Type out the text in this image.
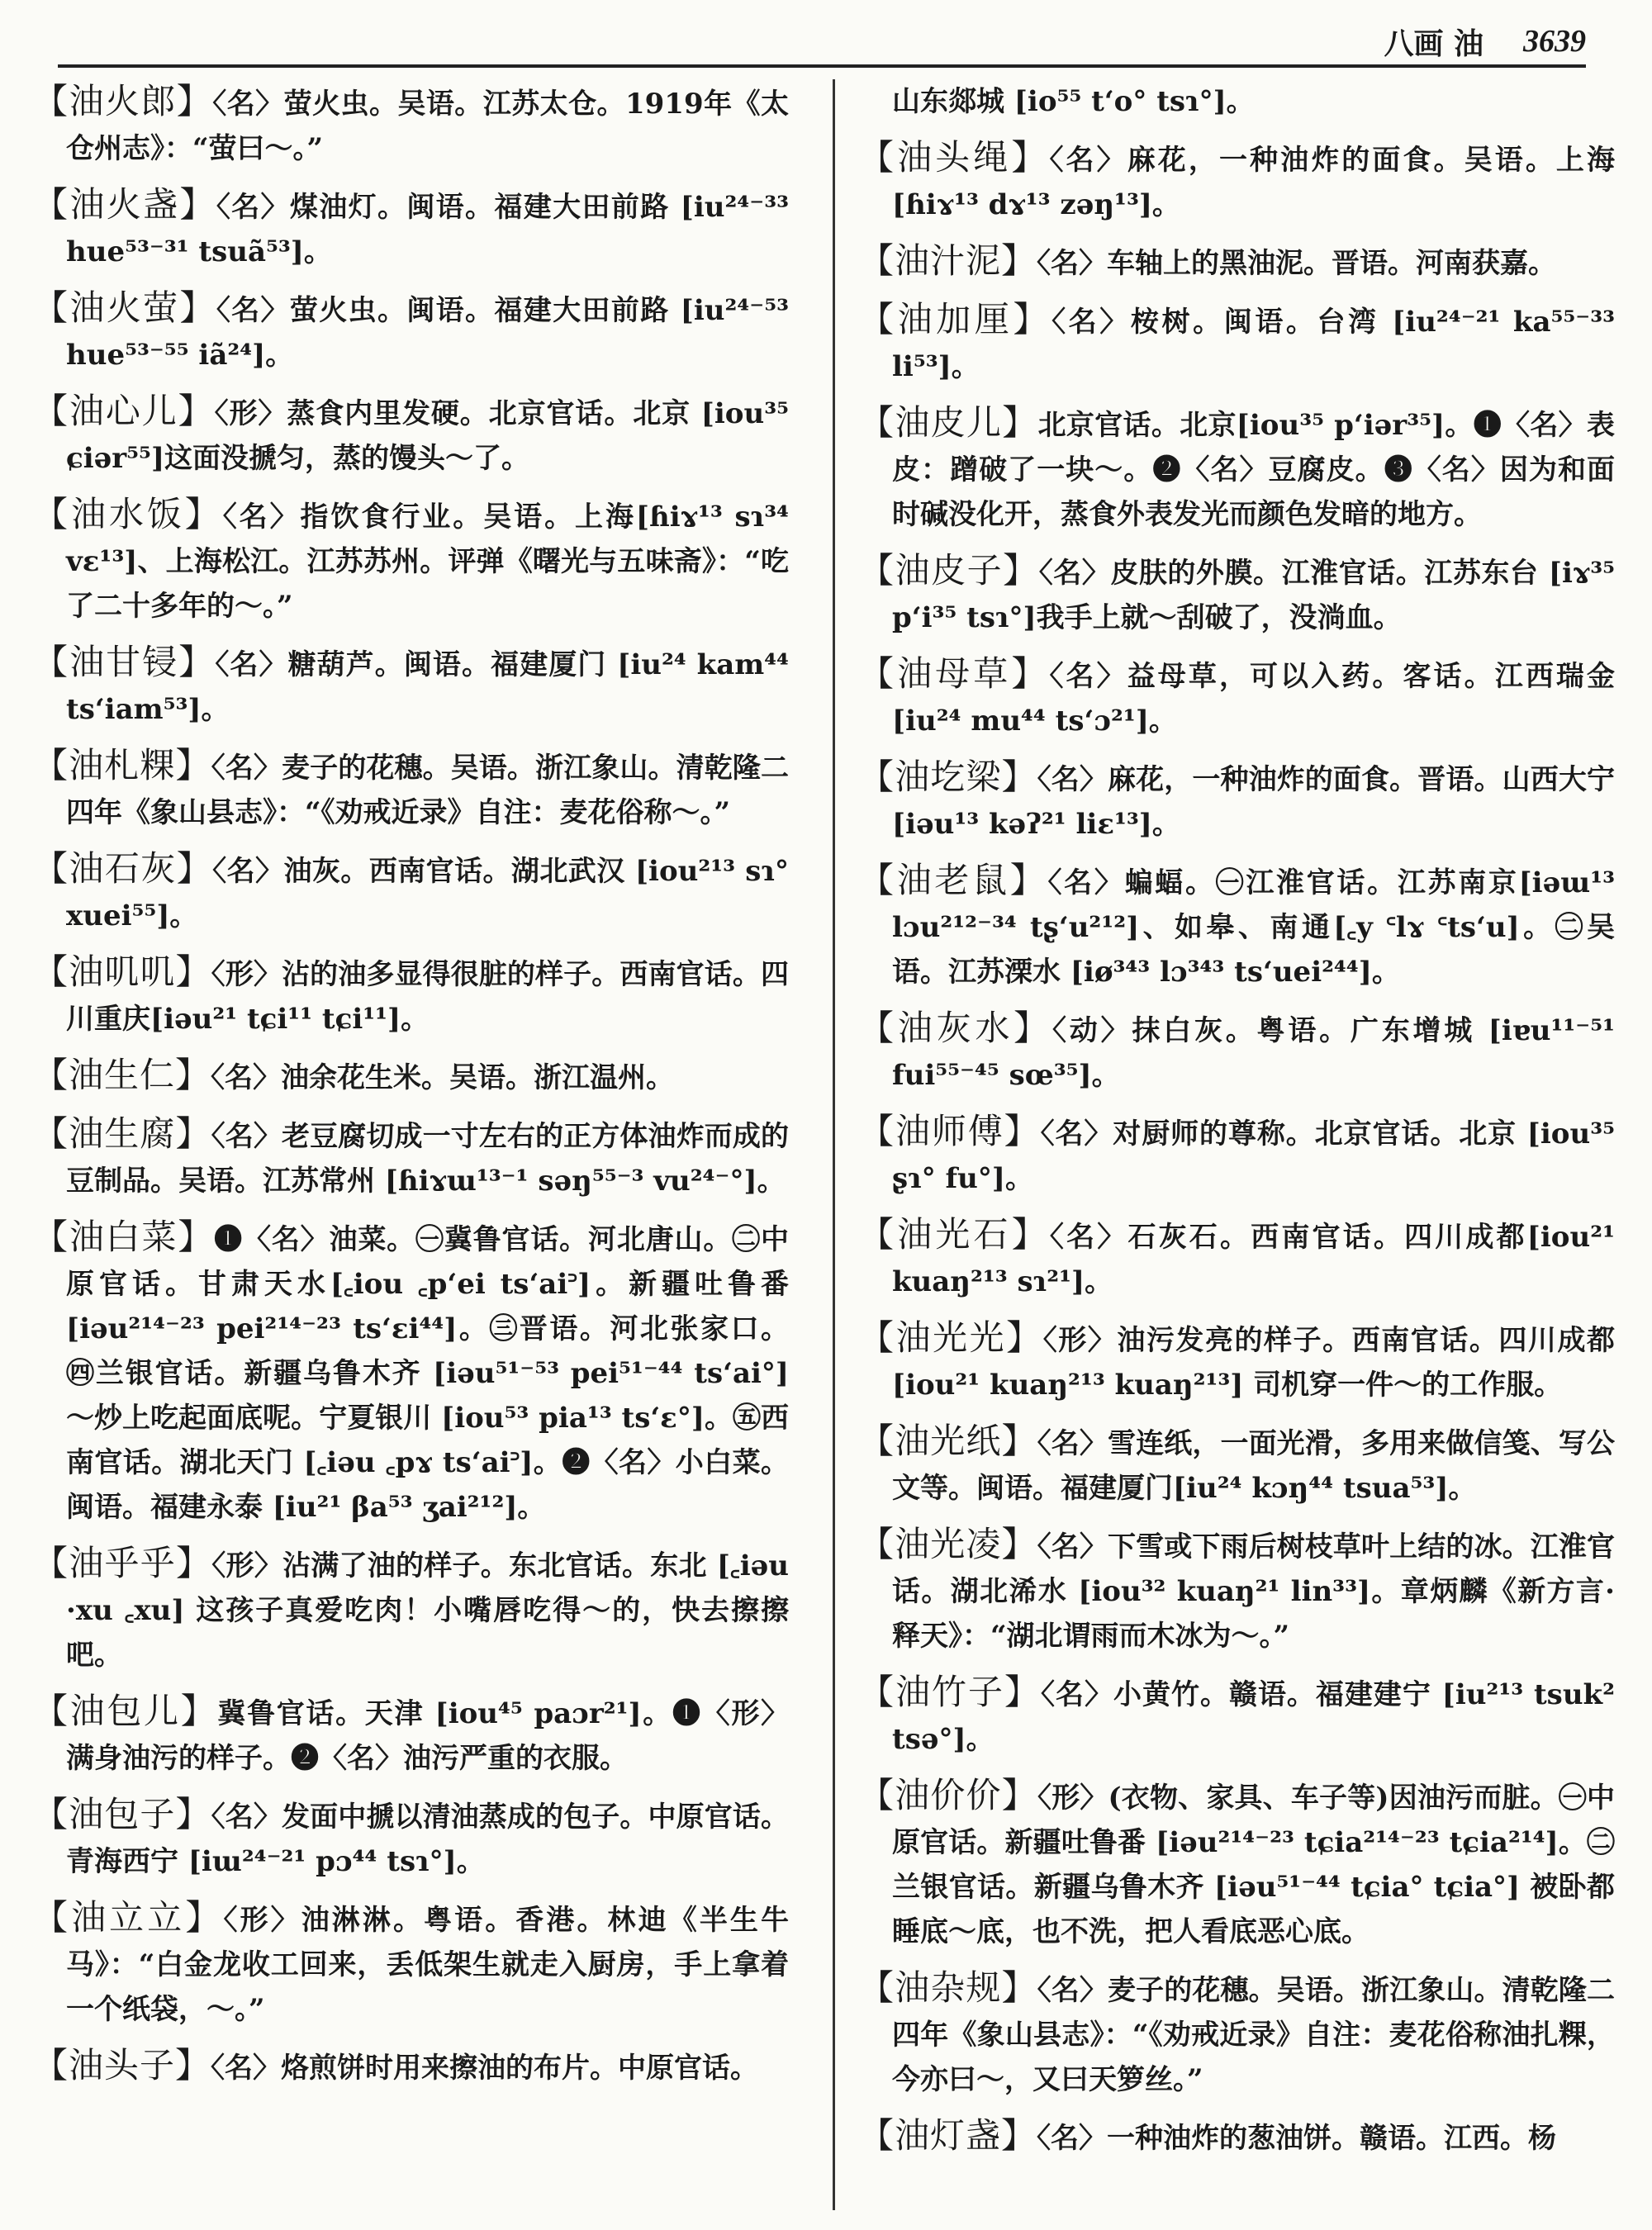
八画 油 3639

【油火郎】〈名〉萤火虫。吴语。江苏太仓。1919年《太仓州志》：“萤曰～。”

【油火盏】〈名〉煤油灯。闽语。福建大田前路 [iu²⁴⁻³³ hue⁵³⁻³¹ tsuã⁵³]。

【油火萤】〈名〉萤火虫。闽语。福建大田前路 [iu²⁴⁻⁵³ hue⁵³⁻⁵⁵ iã²⁴]。

【油心儿】〈形〉蒸食内里发硬。北京官话。北京 [iou³⁵ ɕiər⁵⁵]这面没搋匀，蒸的馒头～了。

【油水饭】〈名〉指饮食行业。吴语。上海[ɦiɤ¹³ sɿ³⁴ vɛ¹³]、上海松江。江苏苏州。评弹《曙光与五味斋》：“吃了二十多年的～。”

【油甘锓】〈名〉糖葫芦。闽语。福建厦门 [iu²⁴ kam⁴⁴ tsʻiam⁵³]。

【油札粿】〈名〉麦子的花穗。吴语。浙江象山。清乾隆二四年《象山县志》：“《劝戒近录》自注：麦花俗称～。”

【油石灰】〈名〉油灰。西南官话。湖北武汉 [iou²¹³ sɿ° xuei⁵⁵]。

【油叽叽】〈形〉沾的油多显得很脏的样子。西南官话。四川重庆[iəu²¹ tɕi¹¹ tɕi¹¹]。

【油生仁】〈名〉油余花生米。吴语。浙江温州。

【油生腐】〈名〉老豆腐切成一寸左右的正方体油炸而成的豆制品。吴语。江苏常州 [ɦiɤɯ¹³⁻¹ səŋ⁵⁵⁻³ vu²⁴⁻°]。

【油白菜】❶〈名〉油菜。㊀冀鲁官话。河北唐山。㊁中原官话。甘肃天水[꜀iou ꜀pʻei tsʻai꜄]。新疆吐鲁番 [iəu²¹⁴⁻²³ pei²¹⁴⁻²³ tsʻɛi⁴⁴]。㊂晋语。河北张家口。㊃兰银官话。新疆乌鲁木齐 [iəu⁵¹⁻⁵³ pei⁵¹⁻⁴⁴ tsʻai°] ～炒上吃起面底呢。宁夏银川 [iou⁵³ pia¹³ tsʻɛ°]。㊄西南官话。湖北天门 [꜀iəu ꜀pɤ tsʻai꜄]。❷〈名〉小白菜。闽语。福建永泰 [iu²¹ βa⁵³ ʒai²¹²]。

【油乎乎】〈形〉沾满了油的样子。东北官话。东北 [꜀iəu ·xu ꜀xu] 这孩子真爱吃肉！小嘴唇吃得～的，快去擦擦吧。

【油包儿】冀鲁官话。天津 [iou⁴⁵ paɔr²¹]。❶〈形〉满身油污的样子。❷〈名〉油污严重的衣服。

【油包子】〈名〉发面中搋以清油蒸成的包子。中原官话。青海西宁 [iɯ²⁴⁻²¹ pɔ⁴⁴ tsɿ°]。

【油立立】〈形〉油淋淋。粤语。香港。林迪《半生牛马》：“白金龙收工回来，丢低架生就走入厨房，手上拿着一个纸袋，～。”

【油头子】〈名〉烙煎饼时用来擦油的布片。中原官话。

山东郯城 [io⁵⁵ tʻo° tsɿ°]。

【油头绳】〈名〉麻花，一种油炸的面食。吴语。上海 [ɦiɤ¹³ dɤ¹³ zəŋ¹³]。

【油汁泥】〈名〉车轴上的黑油泥。晋语。河南获嘉。

【油加厘】〈名〉桉树。闽语。台湾 [iu²⁴⁻²¹ ka⁵⁵⁻³³ li⁵³]。

【油皮儿】北京官话。北京[iou³⁵ pʻiər³⁵]。❶〈名〉表皮：蹭破了一块～。❷〈名〉豆腐皮。❸〈名〉因为和面时碱没化开，蒸食外表发光而颜色发暗的地方。

【油皮子】〈名〉皮肤的外膜。江淮官话。江苏东台 [iɤ³⁵ pʻi³⁵ tsɿ°]我手上就～刮破了，没淌血。

【油母草】〈名〉益母草，可以入药。客话。江西瑞金 [iu²⁴ mu⁴⁴ tsʻɔ²¹]。

【油圪梁】〈名〉麻花，一种油炸的面食。晋语。山西大宁 [iəu¹³ kəʔ²¹ liɛ¹³]。

【油老鼠】〈名〉蝙蝠。㊀江淮官话。江苏南京[iəɯ¹³ lɔu²¹²⁻³⁴ tʂʻu²¹²]、如皋、南通[꜀y ꜂lɤ ꜂tsʻu]。㊁吴语。江苏溧水 [iø³⁴³ lɔ³⁴³ tsʻuei²⁴⁴]。

【油灰水】〈动〉抹白灰。粤语。广东增城 [iɐu¹¹⁻⁵¹ fui⁵⁵⁻⁴⁵ sœ³⁵]。

【油师傅】〈名〉对厨师的尊称。北京官话。北京 [iou³⁵ ʂɿ° fu°]。

【油光石】〈名〉石灰石。西南官话。四川成都[iou²¹ kuaŋ²¹³ sɿ²¹]。

【油光光】〈形〉油污发亮的样子。西南官话。四川成都 [iou²¹ kuaŋ²¹³ kuaŋ²¹³] 司机穿一件～的工作服。

【油光纸】〈名〉雪连纸，一面光滑，多用来做信笺、写公文等。闽语。福建厦门[iu²⁴ kɔŋ⁴⁴ tsua⁵³]。

【油光凌】〈名〉下雪或下雨后树枝草叶上结的冰。江淮官话。湖北浠水 [iou³² kuaŋ²¹ lin³³]。章炳麟《新方言·释天》：“湖北谓雨而木冰为～。”

【油竹子】〈名〉小黄竹。赣语。福建建宁 [iu²¹³ tsuk² tsə°]。

【油价价】〈形〉(衣物、家具、车子等)因油污而脏。㊀中原官话。新疆吐鲁番 [iəu²¹⁴⁻²³ tɕia²¹⁴⁻²³ tɕia²¹⁴]。㊁兰银官话。新疆乌鲁木齐 [iəu⁵¹⁻⁴⁴ tɕia° tɕia°] 被卧都睡底～底，也不洗，把人看底恶心底。

【油杂规】〈名〉麦子的花穗。吴语。浙江象山。清乾隆二四年《象山县志》：“《劝戒近录》自注：麦花俗称油扎粿，今亦曰～，又曰天箩丝。”

【油灯盏】〈名〉一种油炸的葱油饼。赣语。江西。杨
